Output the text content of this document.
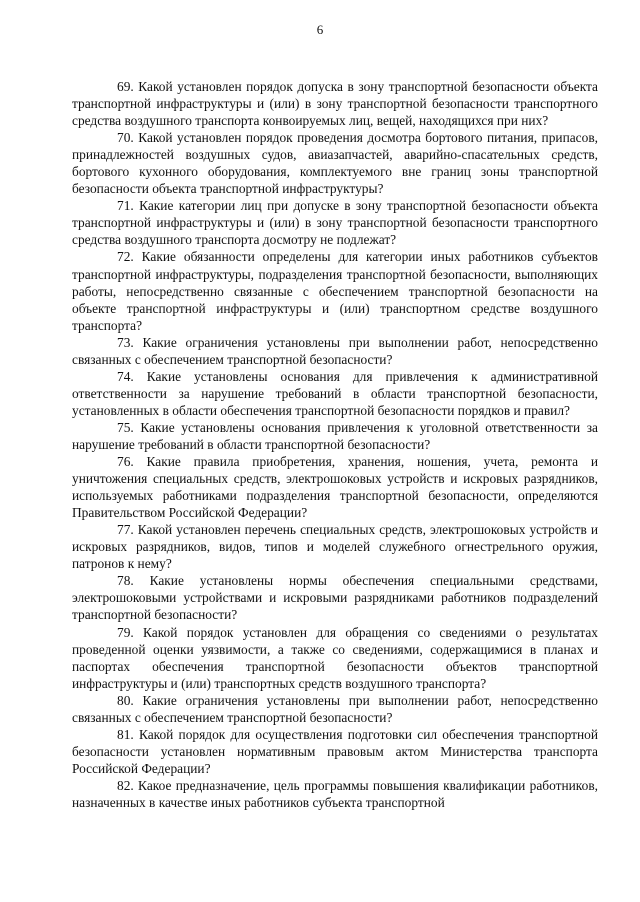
6

69. Какой установлен порядок допуска в зону транспортной безопасности объекта транспортной инфраструктуры и (или) в зону транспортной безопасности транспортного средства воздушного транспорта конвоируемых лиц, вещей, находящихся при них?

70. Какой установлен порядок проведения досмотра бортового питания, припасов, принадлежностей воздушных судов, авиазапчастей, аварийно-спасательных средств, бортового кухонного оборудования, комплектуемого вне границ зоны транспортной безопасности объекта транспортной инфраструктуры?

71. Какие категории лиц при допуске в зону транспортной безопасности объекта транспортной инфраструктуры и (или) в зону транспортной безопасности транспортного средства воздушного транспорта досмотру не подлежат?

72. Какие обязанности определены для категории иных работников субъектов транспортной инфраструктуры, подразделения транспортной безопасности, выполняющих работы, непосредственно связанные с обеспечением транспортной безопасности на объекте транспортной инфраструктуры и (или) транспортном средстве воздушного транспорта?

73. Какие ограничения установлены при выполнении работ, непосредственно связанных с обеспечением транспортной безопасности?

74. Какие установлены основания для привлечения к административной ответственности за нарушение требований в области транспортной безопасности, установленных в области обеспечения транспортной безопасности порядков и правил?

75. Какие установлены основания привлечения к уголовной ответственности за нарушение требований в области транспортной безопасности?

76. Какие правила приобретения, хранения, ношения, учета, ремонта и уничтожения специальных средств, электрошоковых устройств и искровых разрядников, используемых работниками подразделения транспортной безопасности, определяются Правительством Российской Федерации?

77. Какой установлен перечень специальных средств, электрошоковых устройств и искровых разрядников, видов, типов и моделей служебного огнестрельного оружия, патронов к нему?

78. Какие установлены нормы обеспечения специальными средствами, электрошоковыми устройствами и искровыми разрядниками работников подразделений транспортной безопасности?

79. Какой порядок установлен для обращения со сведениями о результатах проведенной оценки уязвимости, а также со сведениями, содержащимися в планах и паспортах обеспечения транспортной безопасности объектов транспортной инфраструктуры и (или) транспортных средств воздушного транспорта?

80. Какие ограничения установлены при выполнении работ, непосредственно связанных с обеспечением транспортной безопасности?

81. Какой порядок для осуществления подготовки сил обеспечения транспортной безопасности установлен нормативным правовым актом Министерства транспорта Российской Федерации?

82. Какое предназначение, цель программы повышения квалификации работников, назначенных в качестве иных работников субъекта транспортной
